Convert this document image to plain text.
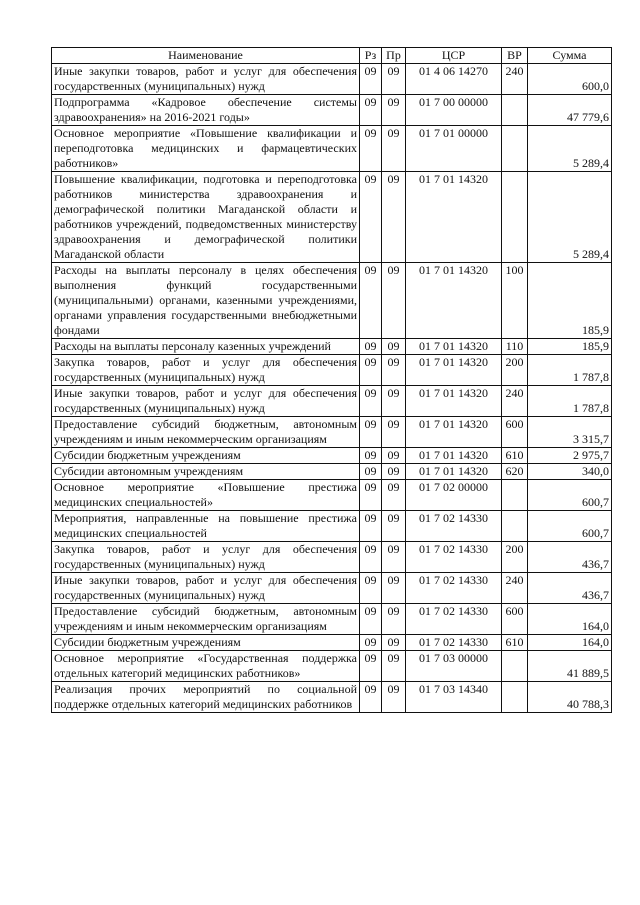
Наименование	Рз	Пр	ЦСР	ВР	Сумма
Иные закупки товаров, работ и услуг для обеспечения государственных (муниципальных) нужд	09	09	01 4 06 14270	240	600,0
Подпрограмма «Кадровое обеспечение системы здравоохранения» на 2016-2021 годы»	09	09	01 7 00 00000		47 779,6
Основное мероприятие «Повышение квалификации и переподготовка медицинских и фармацевтических работников»	09	09	01 7 01 00000		5 289,4
Повышение квалификации, подготовка и переподготовка работников министерства здравоохранения и демографической политики Магаданской области и работников учреждений, подведомственных министерству здравоохранения и демографической политики Магаданской области	09	09	01 7 01 14320		5 289,4
Расходы на выплаты персоналу в целях обеспечения выполнения функций государственными (муниципальными) органами, казенными учреждениями, органами управления государственными внебюджетными фондами	09	09	01 7 01 14320	100	185,9
Расходы на выплаты персоналу казенных учреждений	09	09	01 7 01 14320	110	185,9
Закупка товаров, работ и услуг для обеспечения государственных (муниципальных) нужд	09	09	01 7 01 14320	200	1 787,8
Иные закупки товаров, работ и услуг для обеспечения государственных (муниципальных) нужд	09	09	01 7 01 14320	240	1 787,8
Предоставление субсидий бюджетным, автономным учреждениям и иным некоммерческим организациям	09	09	01 7 01 14320	600	3 315,7
Субсидии бюджетным учреждениям	09	09	01 7 01 14320	610	2 975,7
Субсидии автономным учреждениям	09	09	01 7 01 14320	620	340,0
Основное мероприятие «Повышение престижа медицинских специальностей»	09	09	01 7 02 00000		600,7
Мероприятия, направленные на повышение престижа медицинских специальностей	09	09	01 7 02 14330		600,7
Закупка товаров, работ и услуг для обеспечения государственных (муниципальных) нужд	09	09	01 7 02 14330	200	436,7
Иные закупки товаров, работ и услуг для обеспечения государственных (муниципальных) нужд	09	09	01 7 02 14330	240	436,7
Предоставление субсидий бюджетным, автономным учреждениям и иным некоммерческим организациям	09	09	01 7 02 14330	600	164,0
Субсидии бюджетным учреждениям	09	09	01 7 02 14330	610	164,0
Основное мероприятие «Государственная поддержка отдельных категорий медицинских работников»	09	09	01 7 03 00000		41 889,5
Реализация прочих мероприятий по социальной поддержке отдельных категорий медицинских работников	09	09	01 7 03 14340		40 788,3
